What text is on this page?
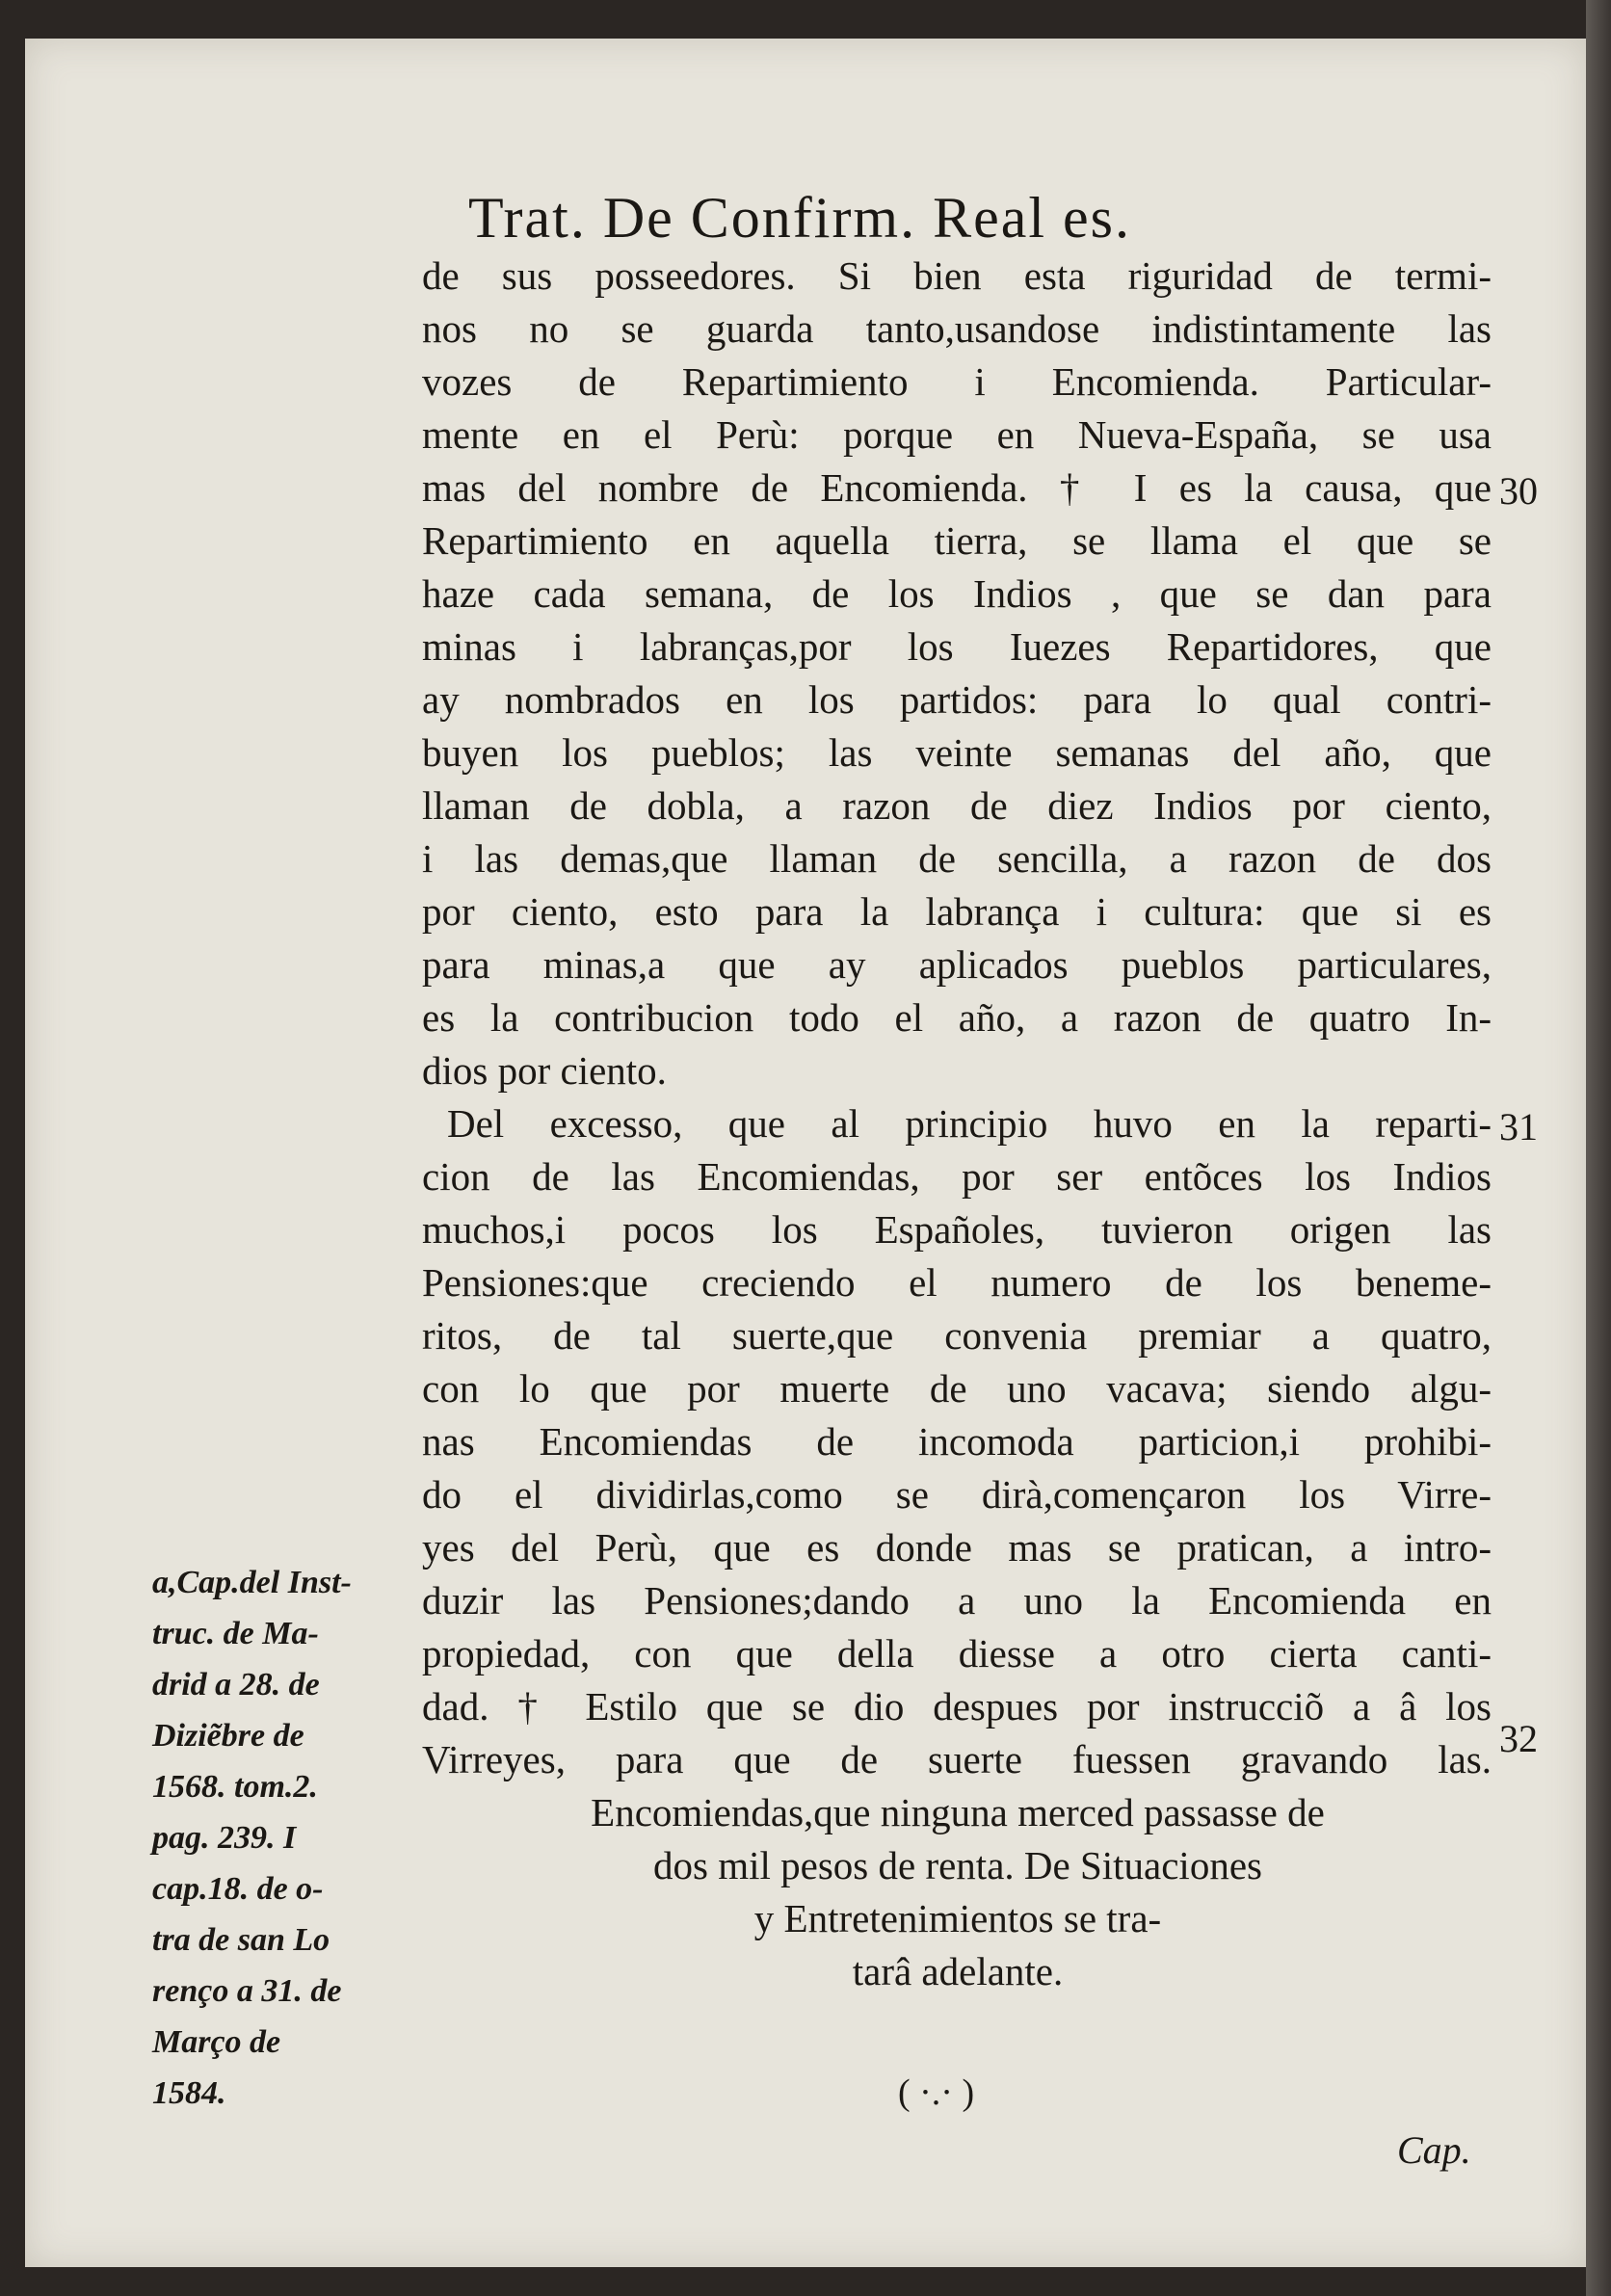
Trat. De Confirm. Real es.
de sus posseedores. Si bien esta riguridad de termi-
nos no se guarda tanto,usandose indistintamente las
vozes de Repartimiento i Encomienda. Particular-
mente en el Perù: porque en Nueva-España, se usa
mas del nombre de Encomienda. † I es la causa, que
Repartimiento en aquella tierra, se llama el que se
haze cada semana, de los Indios , que se dan para
minas i labranças,por los Iuezes Repartidores, que
ay nombrados en los partidos: para lo qual contri-
buyen los pueblos; las veinte semanas del año, que
llaman de dobla, a razon de diez Indios por ciento,
i las demas,que llaman de sencilla, a razon de dos
por ciento, esto para la labrança i cultura: que si es
para minas,a que ay aplicados pueblos particulares,
es la contribucion todo el año, a razon de quatro In-
dios por ciento.
Del excesso, que al principio huvo en la reparti-
cion de las Encomiendas, por ser entõces los Indios
muchos,i pocos los Españoles, tuvieron origen las
Pensiones:que creciendo el numero de los beneme-
ritos, de tal suerte,que convenia premiar a quatro,
con lo que por muerte de uno vacava; siendo algu-
nas Encomiendas de incomoda particion,i prohibi-
do el dividirlas,como se dirà,començaron los Virre-
yes del Perù, que es donde mas se pratican, a intro-
duzir las Pensiones;dando a uno la Encomienda en
propiedad, con que della diesse a otro cierta canti-
dad. † Estilo que se dio despues por instrucciõ a â los
Virreyes, para que de suerte fuessen gravando las.
Encomiendas,que ninguna merced passasse de
dos mil pesos de renta. De Situaciones
y Entretenimientos se tra-
tarâ adelante.
30
31
32
a,Cap.del Inst-
truc. de Ma-
drid a 28. de
Diziẽbre de
1568. tom.2.
pag. 239. I
cap.18. de o-
tra de san Lo
renço a 31. de
Março de
1584.	( ·.· )
Cap.
